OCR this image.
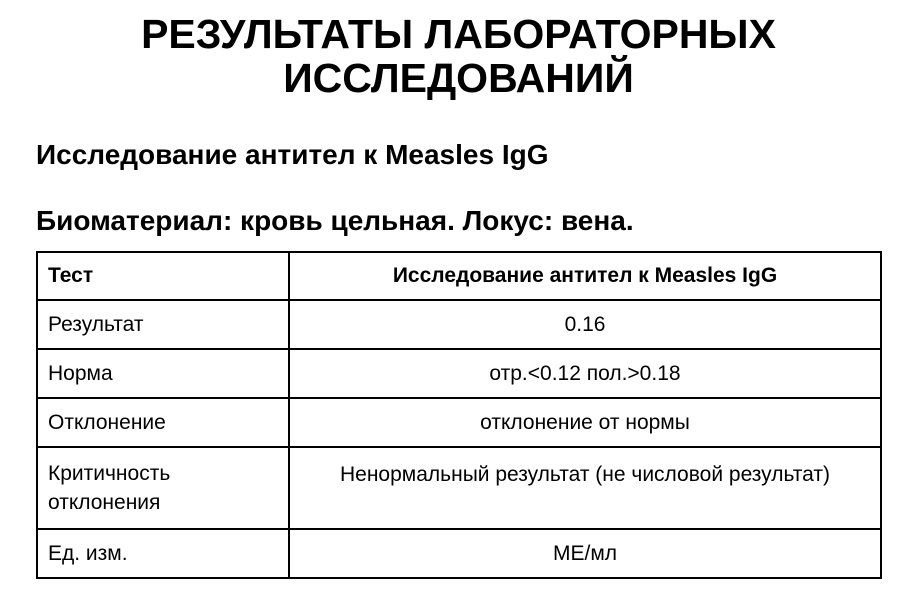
РЕЗУЛЬТАТЫ ЛАБОРАТОРНЫХ ИССЛЕДОВАНИЙ
Исследование антител к Measles IgG
Биоматериал: кровь цельная. Локус: вена.
Тест	Исследование антител к Measles IgG
Результат	0.16
Норма	отр.<0.12 пол.>0.18
Отклонение	отклонение от нормы
Критичность отклонения	Ненормальный результат (не числовой результат)
Ед. изм.	МЕ/мл
